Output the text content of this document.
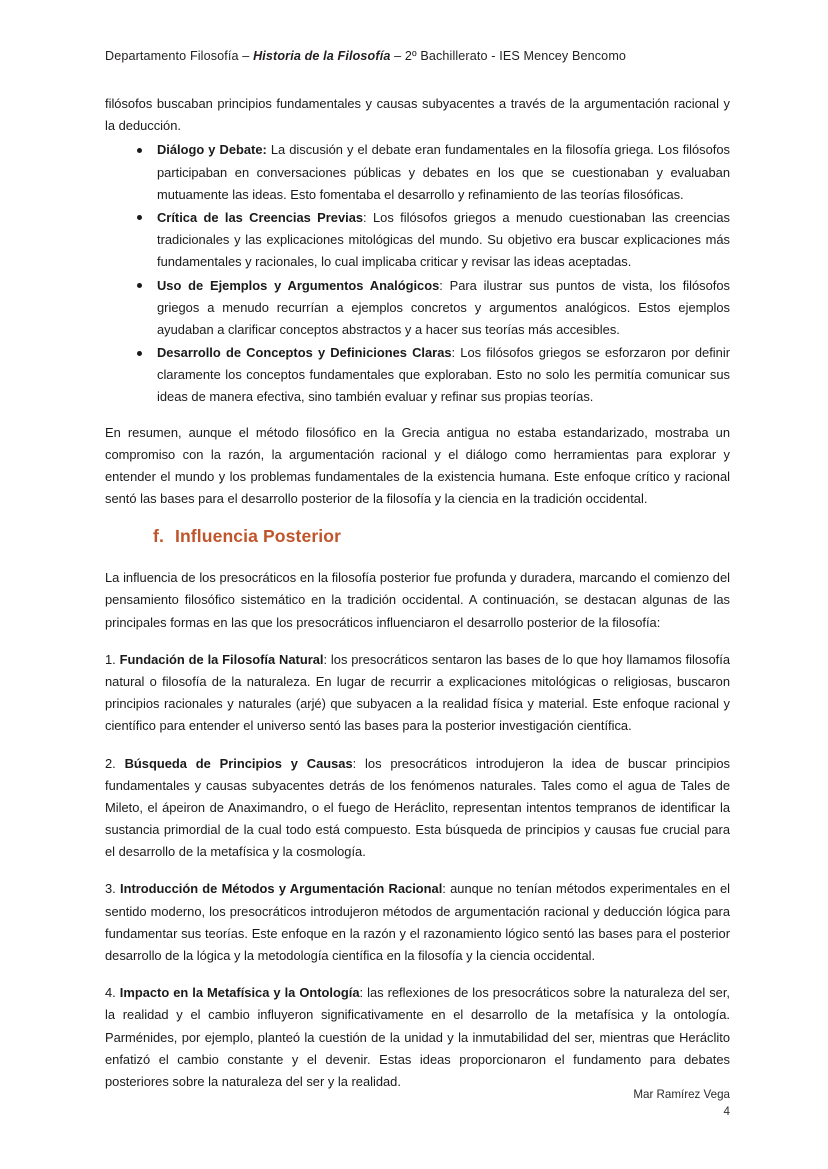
Departamento Filosofía – Historia de la Filosofía – 2º Bachillerato - IES Mencey Bencomo

filósofos buscaban principios fundamentales y causas subyacentes a través de la argumentación racional y la deducción.

Diálogo y Debate: La discusión y el debate eran fundamentales en la filosofía griega. Los filósofos participaban en conversaciones públicas y debates en los que se cuestionaban y evaluaban mutuamente las ideas. Esto fomentaba el desarrollo y refinamiento de las teorías filosóficas.
Crítica de las Creencias Previas: Los filósofos griegos a menudo cuestionaban las creencias tradicionales y las explicaciones mitológicas del mundo. Su objetivo era buscar explicaciones más fundamentales y racionales, lo cual implicaba criticar y revisar las ideas aceptadas.
Uso de Ejemplos y Argumentos Analógicos: Para ilustrar sus puntos de vista, los filósofos griegos a menudo recurrían a ejemplos concretos y argumentos analógicos. Estos ejemplos ayudaban a clarificar conceptos abstractos y a hacer sus teorías más accesibles.
Desarrollo de Conceptos y Definiciones Claras: Los filósofos griegos se esforzaron por definir claramente los conceptos fundamentales que exploraban. Esto no solo les permitía comunicar sus ideas de manera efectiva, sino también evaluar y refinar sus propias teorías.

En resumen, aunque el método filosófico en la Grecia antigua no estaba estandarizado, mostraba un compromiso con la razón, la argumentación racional y el diálogo como herramientas para explorar y entender el mundo y los problemas fundamentales de la existencia humana. Este enfoque crítico y racional sentó las bases para el desarrollo posterior de la filosofía y la ciencia en la tradición occidental.

f. Influencia Posterior

La influencia de los presocráticos en la filosofía posterior fue profunda y duradera, marcando el comienzo del pensamiento filosófico sistemático en la tradición occidental. A continuación, se destacan algunas de las principales formas en las que los presocráticos influenciaron el desarrollo posterior de la filosofía:

1. Fundación de la Filosofía Natural: los presocráticos sentaron las bases de lo que hoy llamamos filosofía natural o filosofía de la naturaleza. En lugar de recurrir a explicaciones mitológicas o religiosas, buscaron principios racionales y naturales (arjé) que subyacen a la realidad física y material. Este enfoque racional y científico para entender el universo sentó las bases para la posterior investigación científica.

2. Búsqueda de Principios y Causas: los presocráticos introdujeron la idea de buscar principios fundamentales y causas subyacentes detrás de los fenómenos naturales. Tales como el agua de Tales de Mileto, el ápeiron de Anaximandro, o el fuego de Heráclito, representan intentos tempranos de identificar la sustancia primordial de la cual todo está compuesto. Esta búsqueda de principios y causas fue crucial para el desarrollo de la metafísica y la cosmología.

3. Introducción de Métodos y Argumentación Racional: aunque no tenían métodos experimentales en el sentido moderno, los presocráticos introdujeron métodos de argumentación racional y deducción lógica para fundamentar sus teorías. Este enfoque en la razón y el razonamiento lógico sentó las bases para el posterior desarrollo de la lógica y la metodología científica en la filosofía y la ciencia occidental.

4. Impacto en la Metafísica y la Ontología: las reflexiones de los presocráticos sobre la naturaleza del ser, la realidad y el cambio influyeron significativamente en el desarrollo de la metafísica y la ontología. Parménides, por ejemplo, planteó la cuestión de la unidad y la inmutabilidad del ser, mientras que Heráclito enfatizó el cambio constante y el devenir. Estas ideas proporcionaron el fundamento para debates posteriores sobre la naturaleza del ser y la realidad.

Mar Ramírez Vega
4
